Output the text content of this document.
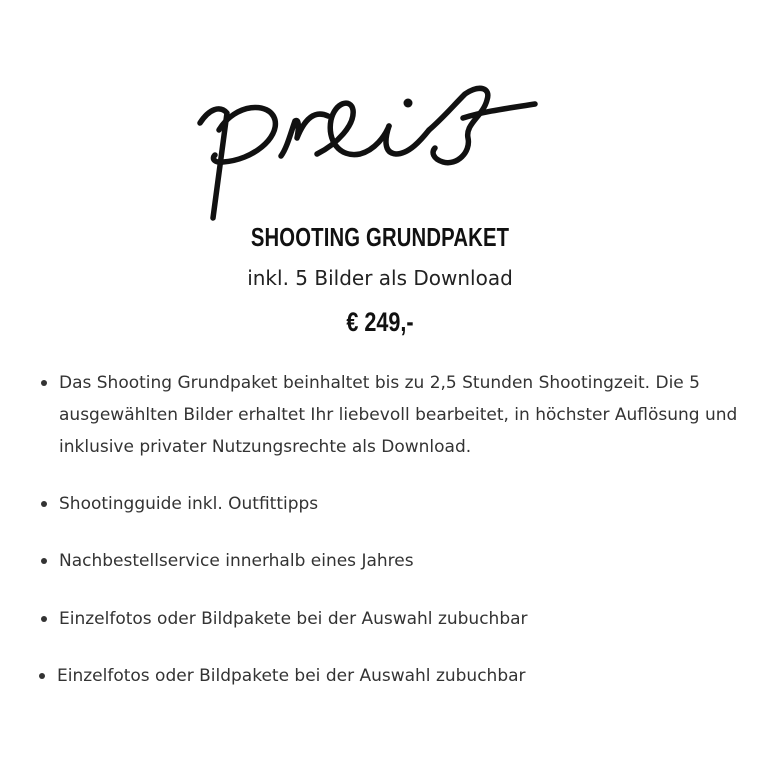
SHOOTING GRUNDPAKET
inkl. 5 Bilder als Download
€ 249,-
Das Shooting Grundpaket beinhaltet bis zu 2,5 Stunden Shootingzeit. Die 5 ausgewählten Bilder erhaltet Ihr liebevoll bearbeitet, in höchster Auflösung und inklusive privater Nutzungsrechte als Download.
Shootingguide inkl. Outfittipps
Nachbestellservice innerhalb eines Jahres
Einzelfotos oder Bildpakete bei der Auswahl zubuchbar
Einzelfotos oder Bildpakete bei der Auswahl zubuchbar
